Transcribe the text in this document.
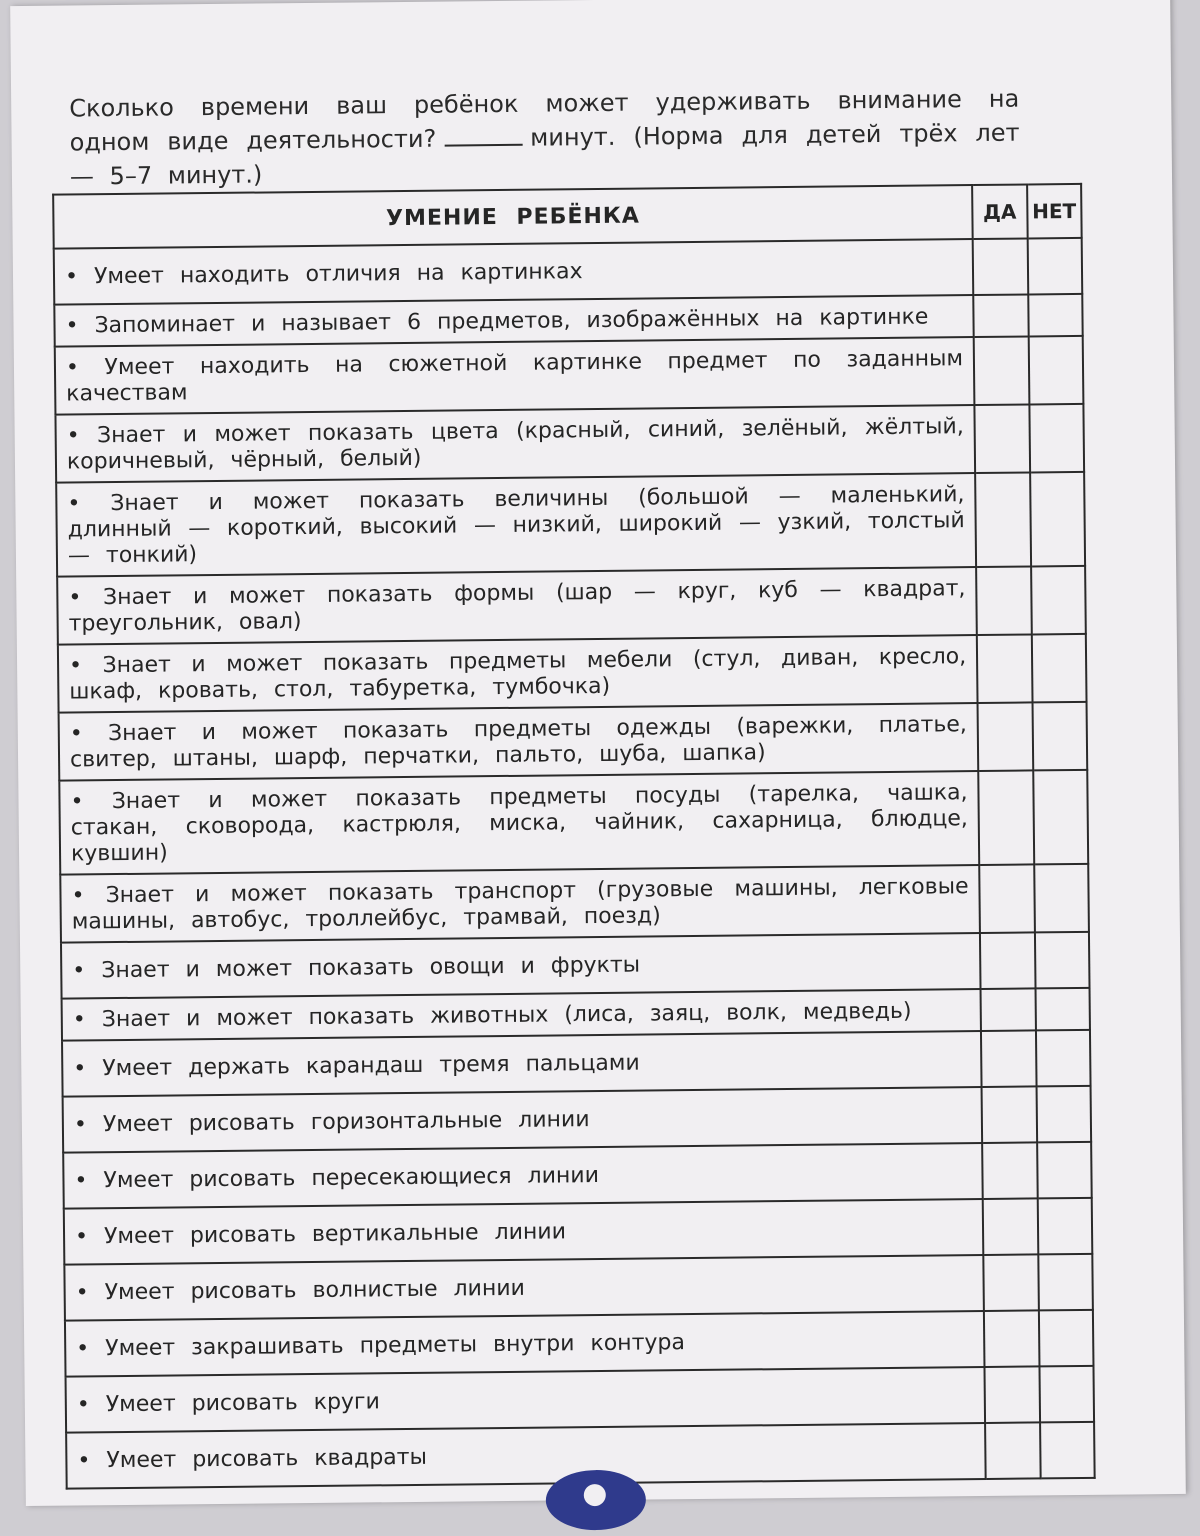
Сколько времени ваш ребёнок может удерживать внимание на одном виде деятельности?	минут. (Норма для детей трёх лет — 5–7 минут.)
УМЕНИЕ РЕБЁНКА	ДА	НЕТ
• Умеет находить отличия на картинках		
• Запоминает и называет 6 предметов, изображённых на картинке		
• Умеет находить на сюжетной картинке предмет по заданным качествам		
• Знает и может показать цвета (красный, синий, зелёный, жёлтый, коричневый, чёрный, белый)		
• Знает и может показать величины (большой — маленький, длинный — короткий, высокий — низкий, широкий — узкий, толстый — тонкий)		
• Знает и может показать формы (шар — круг, куб — квадрат, треугольник, овал)		
• Знает и может показать предметы мебели (стул, диван, кресло, шкаф, кровать, стол, табуретка, тумбочка)		
• Знает и может показать предметы одежды (варежки, платье, свитер, штаны, шарф, перчатки, пальто, шуба, шапка)		
• Знает и может показать предметы посуды (тарелка, чашка, стакан, сковорода, кастрюля, миска, чайник, сахарница, блюдце, кувшин)		
• Знает и может показать транспорт (грузовые машины, легковые машины, автобус, троллейбус, трамвай, поезд)		
• Знает и может показать овощи и фрукты		
• Знает и может показать животных (лиса, заяц, волк, медведь)		
• Умеет держать карандаш тремя пальцами		
• Умеет рисовать горизонтальные линии		
• Умеет рисовать пересекающиеся линии		
• Умеет рисовать вертикальные линии		
• Умеет рисовать волнистые линии		
• Умеет закрашивать предметы внутри контура		
• Умеет рисовать круги		
• Умеет рисовать квадраты		
